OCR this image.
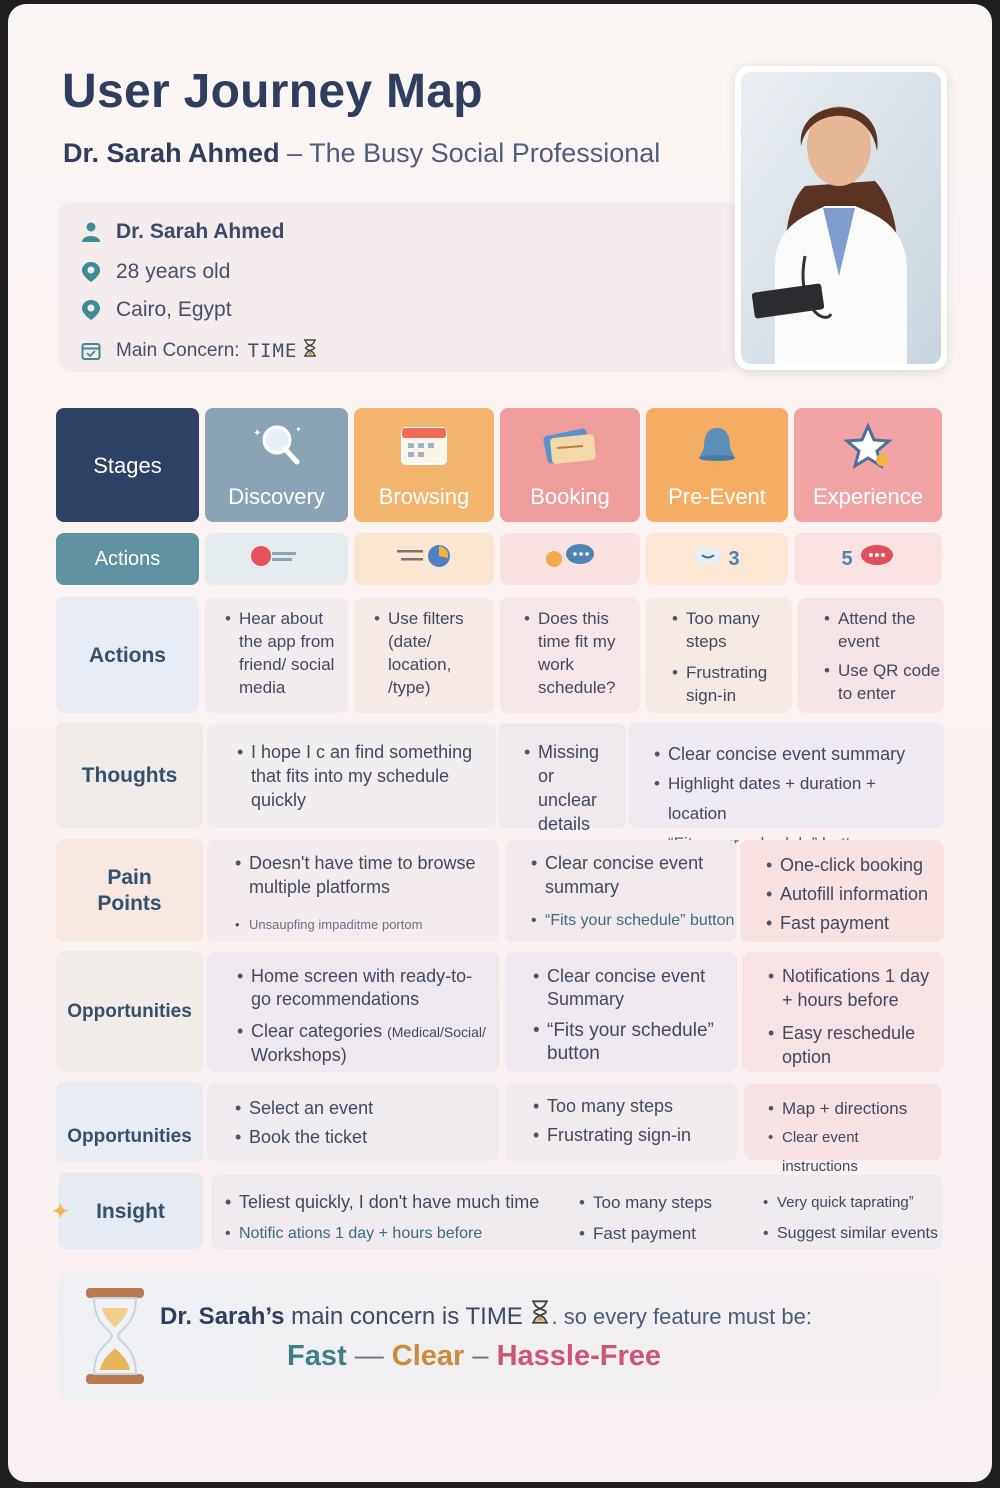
User Journey Map
Dr. Sarah Ahmed – The Busy Social Professional
Dr. Sarah Ahmed
28 years old
Cairo, Egypt
Main Concern: TIME
Stages
✦	✦
Discovery Browsing	Booking	Pre-Event Experience
Actions	3	5
Actions
• Hear about the app from friend/ social media
• Use filters (date/ location, /type)
• Does this time fit my work schedule?
• Too many steps
• Frustrating sign-in
• Attend the event
• Use QR code to enter
Thoughts
• I hope I c an find something that fits into my schedule quickly
• Missing or unclear details
• Clear concise event summary
• Highlight dates + duration + location
•
Pain Points
• Doesn't have time to browse multiple platforms
• Unsaupfing impaditme portom
• Clear concise event summary
• “Fits your schedule” button
• One-click booking
• Autofill information
• Fast payment
Opportunities
• Home screen with ready-to-go recommendations
• Clear categories (Medical/Social/
Workshops)
• Clear concise event Summary
• “Fits your schedule” button
• Notifications 1 day + hours before
• Easy reschedule option
Opportunities
• Select an event
• Book the ticket
• Too many steps
• Frustrating sign-in
• Map + directions
• Clear event instructions
✦ Insight
•	Teliest quickly, I don't have much time
• Notific ations 1 day + hours before
• Too many steps
• Fast payment
• Very quick tapratingˮ
• Suggest similar events
Dr. Sarah’s main concern is TIME . so every feature must be:
Fast — Clear – Hassle-Free
